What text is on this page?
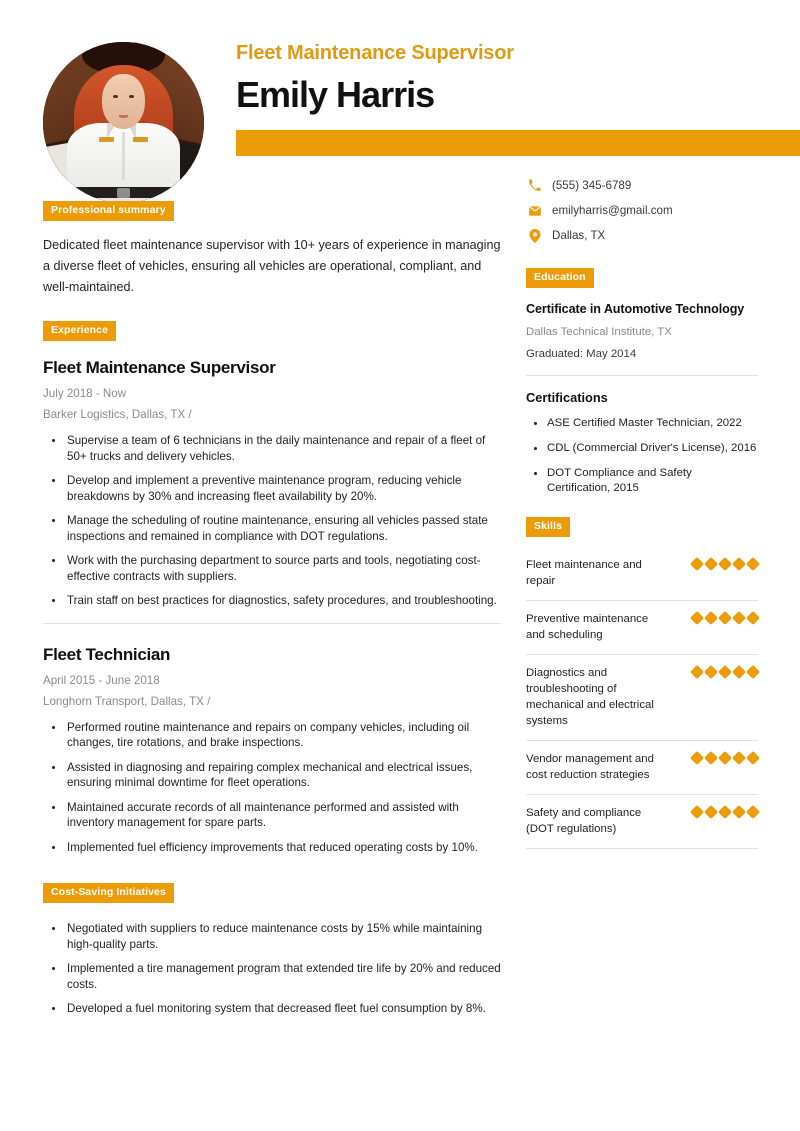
Fleet Maintenance Supervisor
Emily Harris
Professional summary
Dedicated fleet maintenance supervisor with 10+ years of experience in managing a diverse fleet of vehicles, ensuring all vehicles are operational, compliant, and well-maintained.
Experience
Fleet Maintenance Supervisor
July 2018 - Now
Barker Logistics, Dallas, TX /
Supervise a team of 6 technicians in the daily maintenance and repair of a fleet of 50+ trucks and delivery vehicles.
Develop and implement a preventive maintenance program, reducing vehicle breakdowns by 30% and increasing fleet availability by 20%.
Manage the scheduling of routine maintenance, ensuring all vehicles passed state inspections and remained in compliance with DOT regulations.
Work with the purchasing department to source parts and tools, negotiating cost-effective contracts with suppliers.
Train staff on best practices for diagnostics, safety procedures, and troubleshooting.
Fleet Technician
April 2015 - June 2018
Longhorn Transport, Dallas, TX /
Performed routine maintenance and repairs on company vehicles, including oil changes, tire rotations, and brake inspections.
Assisted in diagnosing and repairing complex mechanical and electrical issues, ensuring minimal downtime for fleet operations.
Maintained accurate records of all maintenance performed and assisted with inventory management for spare parts.
Implemented fuel efficiency improvements that reduced operating costs by 10%.
Cost-Saving Initiatives
Negotiated with suppliers to reduce maintenance costs by 15% while maintaining high-quality parts.
Implemented a tire management program that extended tire life by 20% and reduced costs.
Developed a fuel monitoring system that decreased fleet fuel consumption by 8%.
(555) 345-6789
emilyharris@gmail.com
Dallas, TX
Education
Certificate in Automotive Technology
Dallas Technical Institute, TX
Graduated: May 2014
Certifications
ASE Certified Master Technician, 2022
CDL (Commercial Driver's License), 2016
DOT Compliance and Safety Certification, 2015
Skills
Fleet maintenance and repair
Preventive maintenance and scheduling
Diagnostics and troubleshooting of mechanical and electrical systems
Vendor management and cost reduction strategies
Safety and compliance (DOT regulations)
